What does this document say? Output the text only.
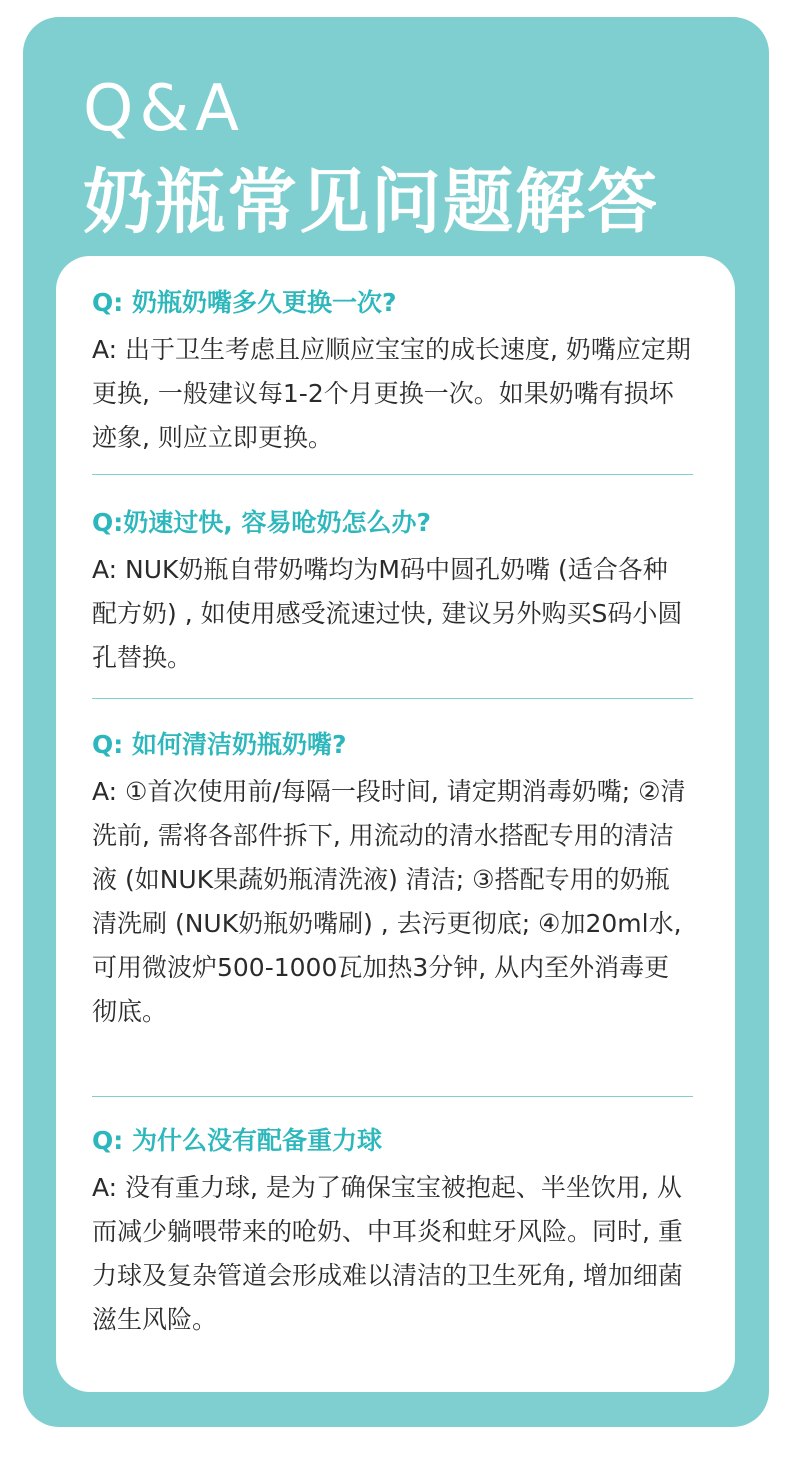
Q&A
奶瓶常见问题解答

Q: 奶瓶奶嘴多久更换一次?

A: 出于卫生考虑且应顺应宝宝的成长速度, 奶嘴应定期更换, 一般建议每1-2个月更换一次。如果奶嘴有损坏迹象, 则应立即更换。

Q:奶速过快, 容易呛奶怎么办?

A: NUK奶瓶自带奶嘴均为M码中圆孔奶嘴 (适合各种配方奶) , 如使用感受流速过快, 建议另外购买S码小圆孔替换。

Q: 如何清洁奶瓶奶嘴?

A: ①首次使用前/每隔一段时间, 请定期消毒奶嘴; ②清洗前, 需将各部件拆下, 用流动的清水搭配专用的清洁液 (如NUK果蔬奶瓶清洗液) 清洁; ③搭配专用的奶瓶清洗刷 (NUK奶瓶奶嘴刷) , 去污更彻底; ④加20ml水, 可用微波炉500-1000瓦加热3分钟, 从内至外消毒更彻底。

Q: 为什么没有配备重力球

A: 没有重力球, 是为了确保宝宝被抱起、半坐饮用, 从而减少躺喂带来的呛奶、中耳炎和蛀牙风险。同时, 重力球及复杂管道会形成难以清洁的卫生死角, 增加细菌滋生风险。
